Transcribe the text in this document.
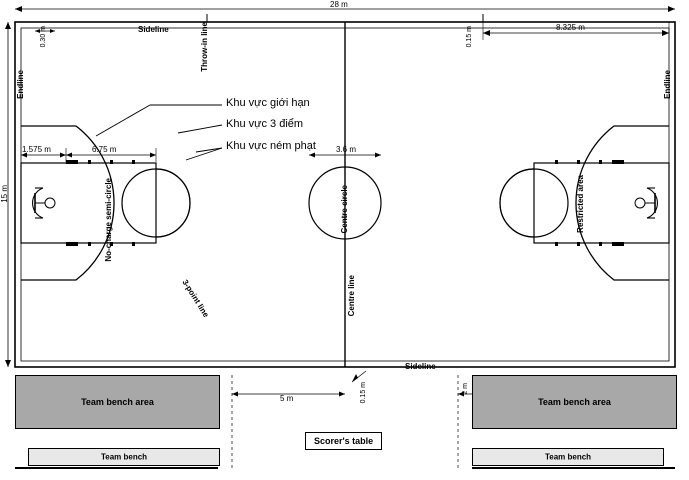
28 m
15 m
0.30 m	0.15 m	8.325 m
1.575 m	6.75 m	3.6 m
5 m	0.15 m	2 m
Sideline
Sideline
Endline	Endline
Throw-in line
Centre circle
Centre line
No-charge semi-circle
3-point line
Restricted area
Khu vực giới hạn
Khu vực 3 điểm
Khu vực ném phạt
Team bench area	Team bench area
Team bench	Team bench
Scorer's table
